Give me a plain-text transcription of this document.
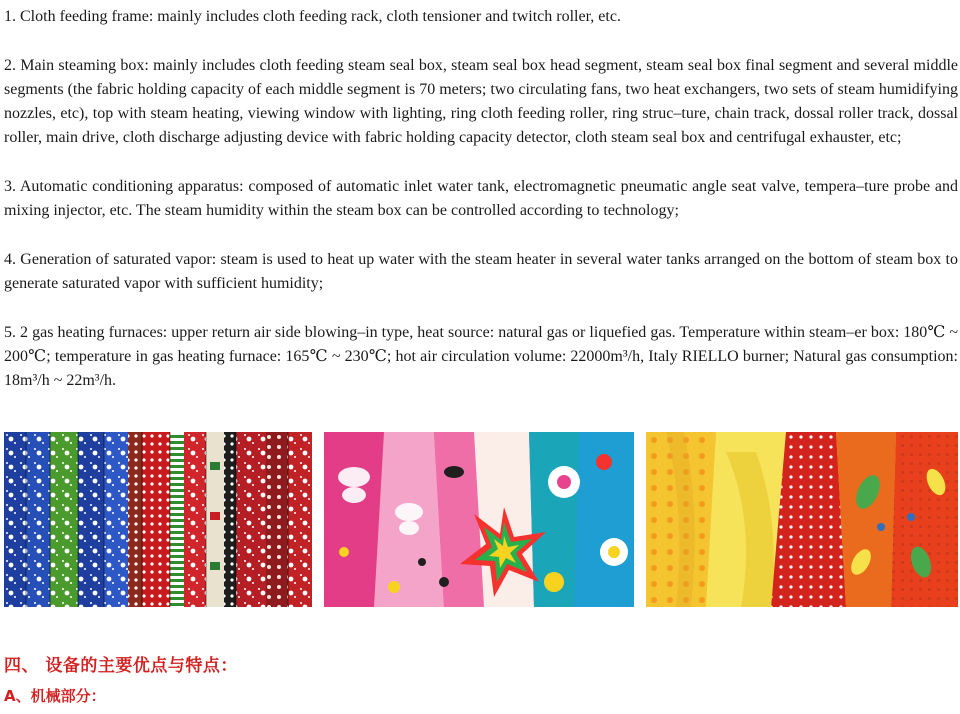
1. Cloth feeding frame: mainly includes cloth feeding rack, cloth tensioner and twitch roller, etc.

2. Main steaming box: mainly includes cloth feeding steam seal box, steam seal box head segment, steam seal box final segment and several middle segments (the fabric holding capacity of each middle segment is 70 meters; two circulating fans, two heat exchangers, two sets of steam humidifying nozzles, etc), top with steam heating, viewing window with lighting, ring cloth feeding roller, ring struc–ture, chain track, dossal roller track, dossal roller, main drive, cloth discharge adjusting device with fabric holding capacity detector, cloth steam seal box and centrifugal exhauster, etc;

3. Automatic conditioning apparatus: composed of automatic inlet water tank, electromagnetic pneumatic angle seat valve, tempera–ture probe and mixing injector, etc. The steam humidity within the steam box can be controlled according to technology;

4. Generation of saturated vapor: steam is used to heat up water with the steam heater in several water tanks arranged on the bottom of steam box to generate saturated vapor with sufficient humidity;

5. 2 gas heating furnaces: upper return air side blowing–in type, heat source: natural gas or liquefied gas. Temperature within steam–er box: 180℃ ~ 200℃; temperature in gas heating furnace: 165℃ ~ 230℃; hot air circulation volume: 22000m³/h, Italy RIELLO burner; Natural gas consumption: 18m³/h ~ 22m³/h.

四、 设备的主要优点与特点：
A、机械部分：
